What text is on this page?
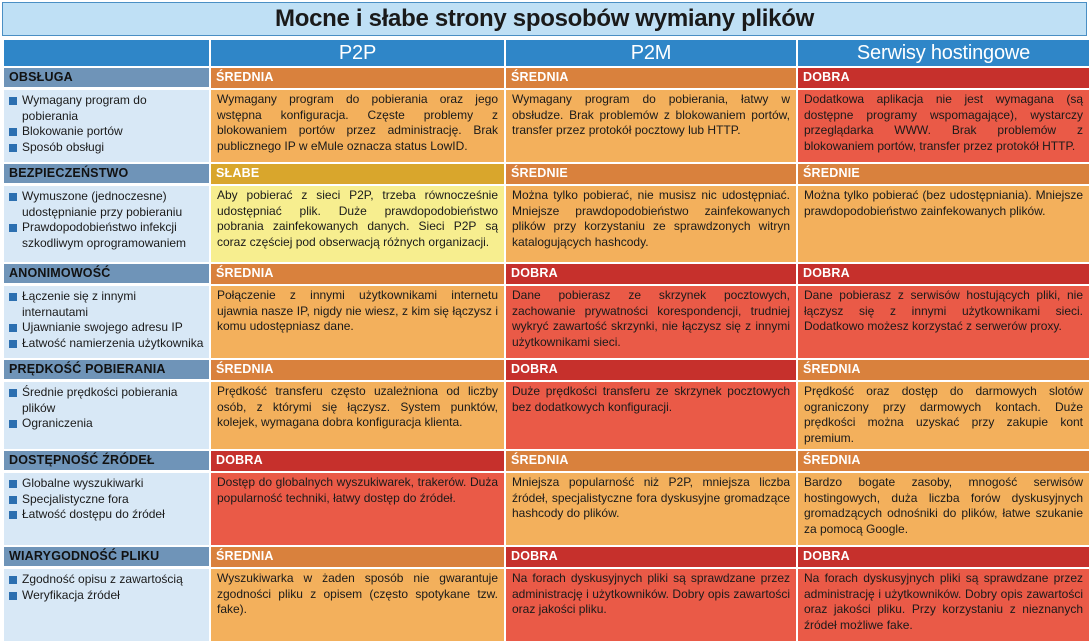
Mocne i słabe strony sposobów wymiany plików
	P2P	P2M	Serwisy hostingowe
OBSŁUGA	ŚREDNIA	ŚREDNIA	DOBRA

Wymagany program do pobierania
Blokowanie portów
Sposób obsługi	Wymagany program do pobierania oraz jego wstępna konfiguracja. Częste problemy z blokowaniem portów przez administrację. Brak publicznego IP w eMule oznacza status LowID.	Wymagany program do pobierania, łatwy w obsłudze. Brak problemów z blokowaniem portów, transfer przez protokół pocztowy lub HTTP.	Dodatkowa aplikacja nie jest wymagana (są dostępne programy wspomagające), wystarczy przeglądarka WWW. Brak problemów z blokowaniem portów, transfer przez protokół HTTP.
BEZPIECZEŃSTWO	SŁABE	ŚREDNIE	ŚREDNIE

Wymuszone (jednoczesne) udostępnianie przy pobieraniu
Prawdopodobieństwo infekcji szkodliwym oprogramowaniem	Aby pobierać z sieci P2P, trzeba równocześnie udostępniać plik. Duże prawdopodobieństwo pobrania zainfekowanych danych. Sieci P2P są coraz częściej pod obserwacją różnych organizacji.	Można tylko pobierać, nie musisz nic udostępniać. Mniejsze prawdopodobieństwo zainfekowanych plików przy korzystaniu ze sprawdzonych witryn katalogujących hashcody.	Można tylko pobierać (bez udostępniania). Mniejsze prawdopodobieństwo zainfekowanych plików.
ANONIMOWOŚĆ	ŚREDNIA	DOBRA	DOBRA

Łączenie się z innymi internautami
Ujawnianie swojego adresu IP
Łatwość namierzenia użytkownika	Połączenie z innymi użytkownikami internetu ujawnia nasze IP, nigdy nie wiesz, z kim się łączysz i komu udostępniasz dane.	Dane pobierasz ze skrzynek pocztowych, zachowanie prywatności korespondencji, trudniej wykryć zawartość skrzynki, nie łączysz się z innymi użytkownikami sieci.	Dane pobierasz z serwisów hostujących pliki, nie łączysz się z innymi użytkownikami sieci. Dodatkowo możesz korzystać z serwerów proxy.
PRĘDKOŚĆ POBIERANIA	ŚREDNIA	DOBRA	ŚREDNIA

Średnie prędkości pobierania plików
Ograniczenia	Prędkość transferu często uzależniona od liczby osób, z którymi się łączysz. System punktów, kolejek, wymagana dobra konfiguracja klienta.	Duże prędkości transferu ze skrzynek pocztowych bez dodatkowych konfiguracji.	Prędkość oraz dostęp do darmowych slotów ograniczony przy darmowych kontach. Duże prędkości można uzyskać przy zakupie kont premium.
DOSTĘPNOŚĆ ŹRÓDEŁ	DOBRA	ŚREDNIA	ŚREDNIA

Globalne wyszukiwarki
Specjalistyczne fora
Łatwość dostępu do źródeł	Dostęp do globalnych wyszukiwarek, trakerów. Duża popularność techniki, łatwy dostęp do źródeł.	Mniejsza popularność niż P2P, mniejsza liczba źródeł, specjalistyczne fora dyskusyjne gromadzące hashcody do plików.	Bardzo bogate zasoby, mnogość serwisów hostingowych, duża liczba forów dyskusyjnych gromadzących odnośniki do plików, łatwe szukanie za pomocą Google.
WIARYGODNOŚĆ PLIKU	ŚREDNIA	DOBRA	DOBRA

Zgodność opisu z zawartością
Weryfikacja źródeł	Wyszukiwarka w żaden sposób nie gwarantuje zgodności pliku z opisem (często spotykane tzw. fake).	Na forach dyskusyjnych pliki są sprawdzane przez administrację i użytkowników. Dobry opis zawartości oraz jakości pliku.	Na forach dyskusyjnych pliki są sprawdzane przez administrację i użytkowników. Dobry opis zawartości oraz jakości pliku. Przy korzystaniu z nieznanych źródeł możliwe fake.
